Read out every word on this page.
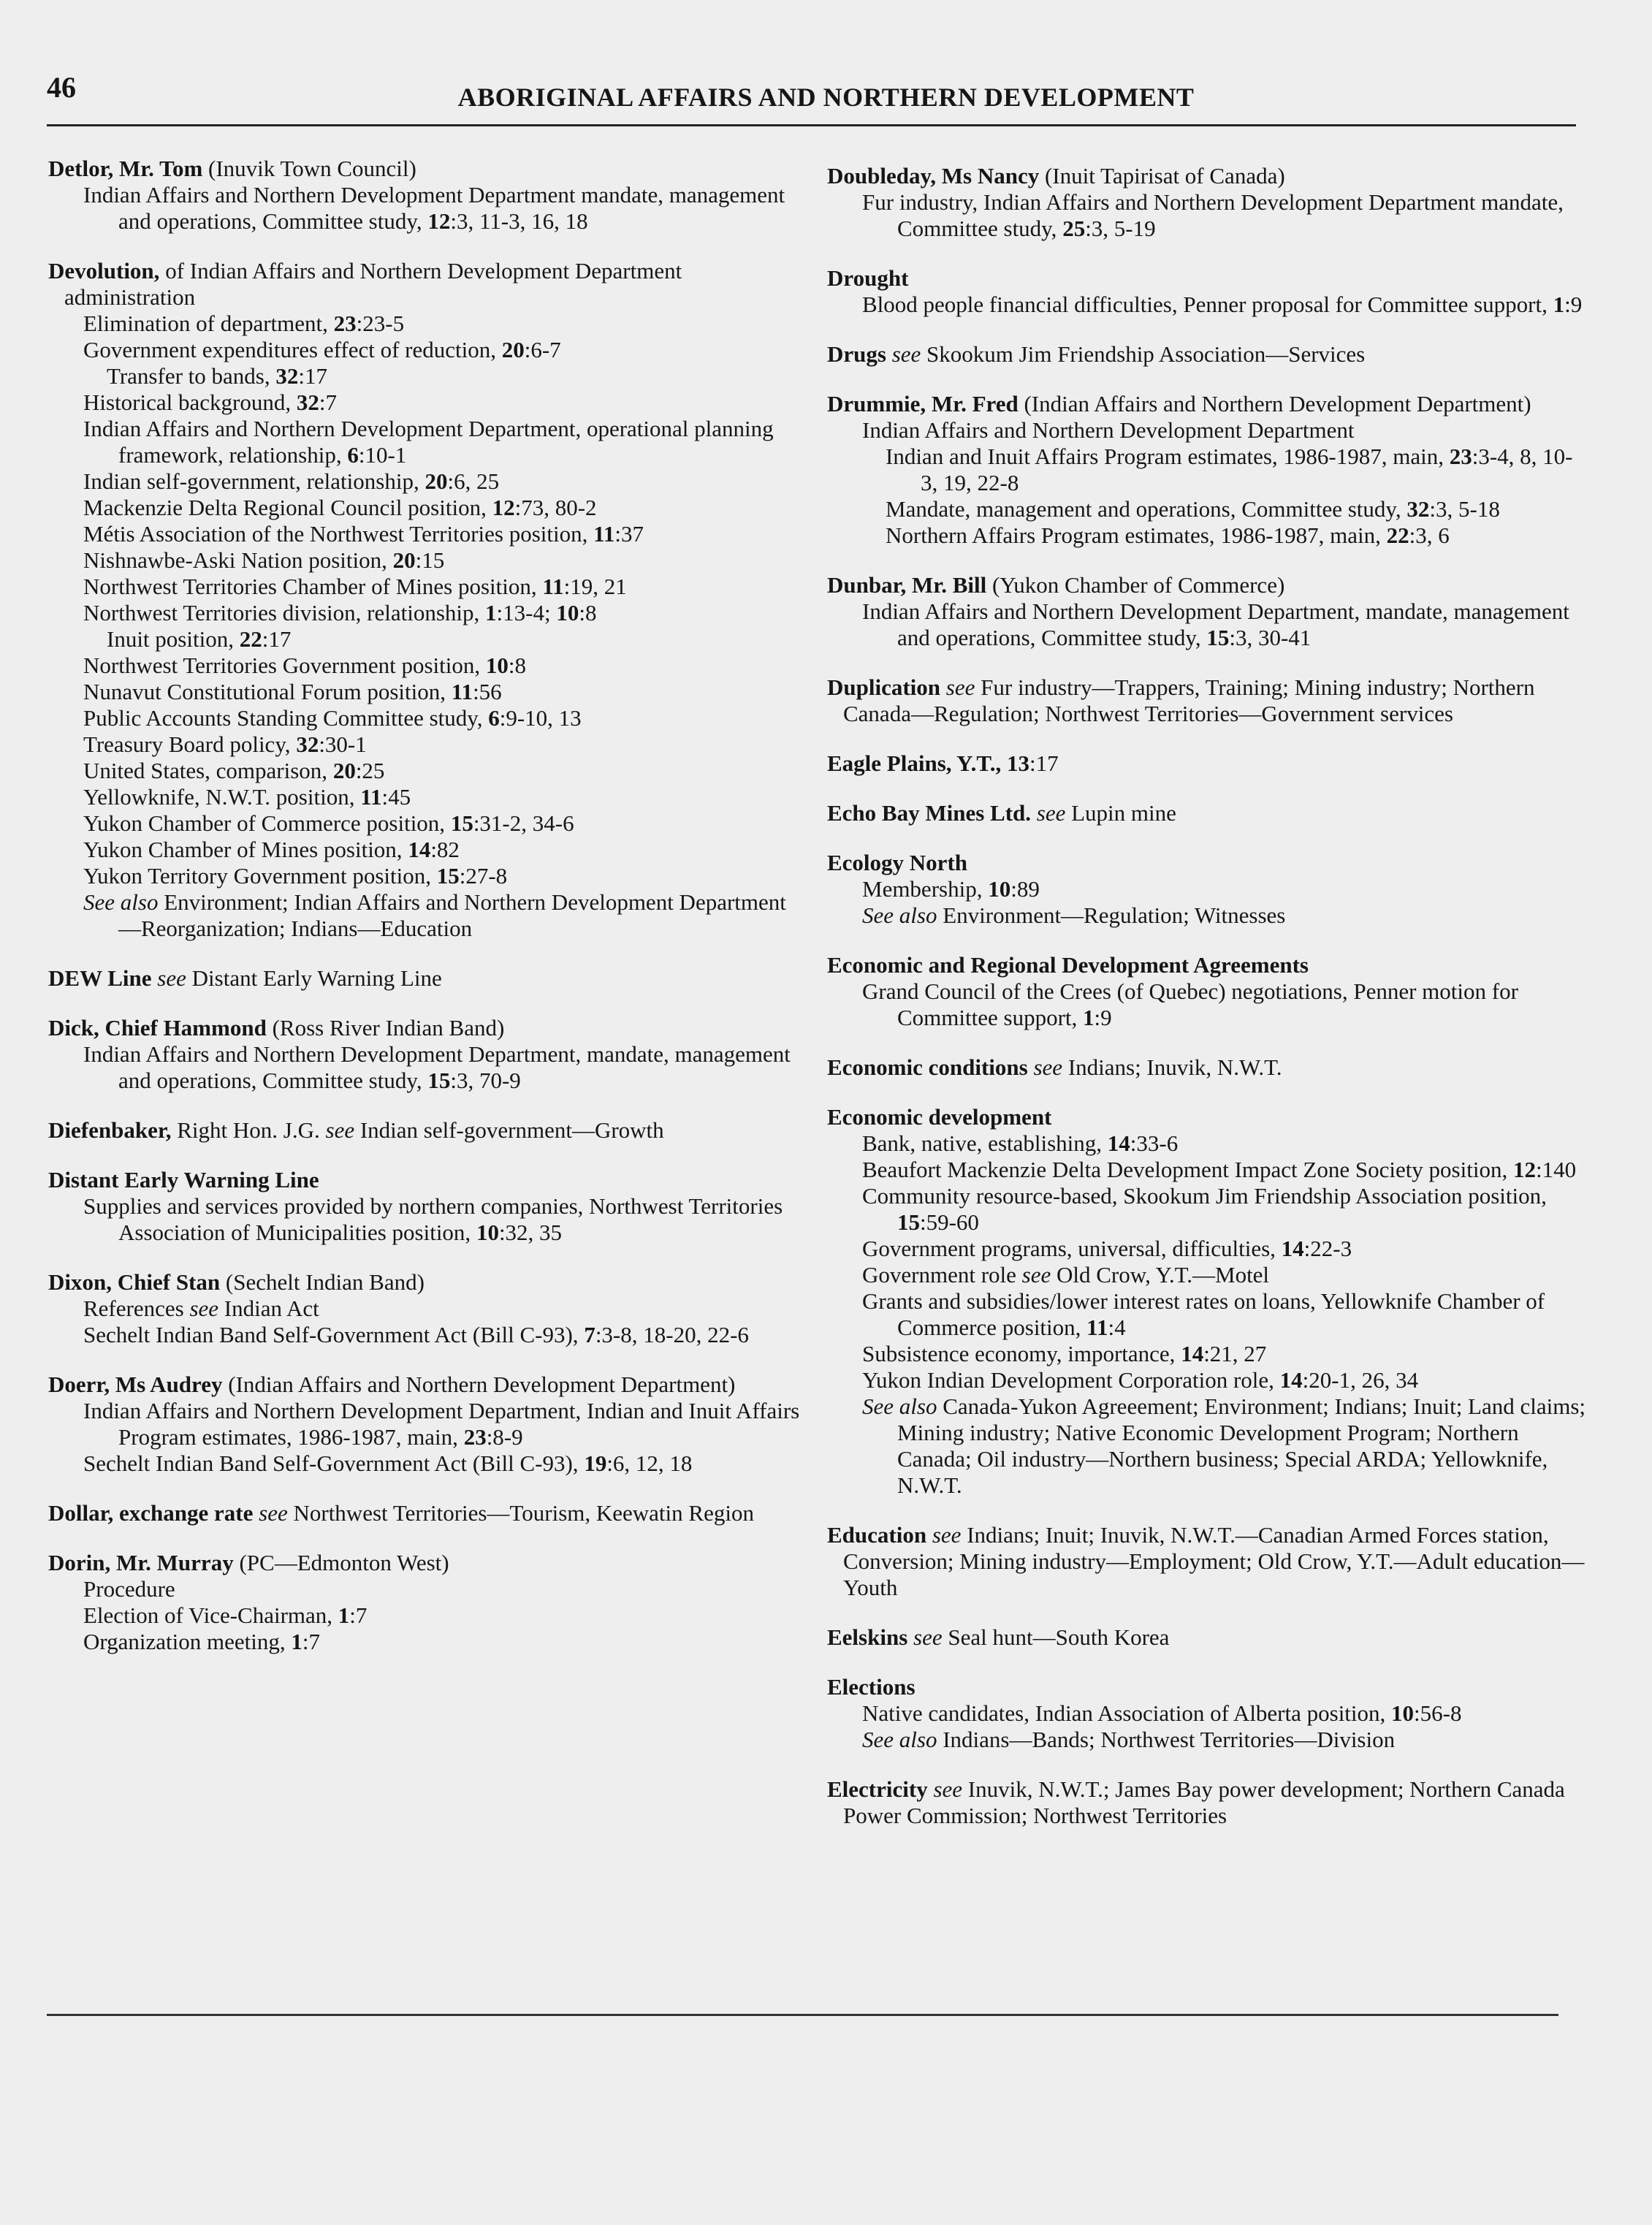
46	ABORIGINAL AFFAIRS AND NORTHERN DEVELOPMENT
Detlor, Mr. Tom (Inuvik Town Council)
Indian Affairs and Northern Development Department mandate, management and operations, Committee study, 12:3, 11-3, 16, 18
Devolution, of Indian Affairs and Northern Development Department administration
Elimination of department, 23:23-5
Government expenditures effect of reduction, 20:6-7
Transfer to bands, 32:17
Historical background, 32:7
Indian Affairs and Northern Development Department, operational planning framework, relationship, 6:10-1
Indian self-government, relationship, 20:6, 25
Mackenzie Delta Regional Council position, 12:73, 80-2
Métis Association of the Northwest Territories position, 11:37
Nishnawbe-Aski Nation position, 20:15
Northwest Territories Chamber of Mines position, 11:19, 21
Northwest Territories division, relationship, 1:13-4; 10:8
Inuit position, 22:17
Northwest Territories Government position, 10:8
Nunavut Constitutional Forum position, 11:56
Public Accounts Standing Committee study, 6:9-10, 13
Treasury Board policy, 32:30-1
United States, comparison, 20:25
Yellowknife, N.W.T. position, 11:45
Yukon Chamber of Commerce position, 15:31-2, 34-6
Yukon Chamber of Mines position, 14:82
Yukon Territory Government position, 15:27-8
See also Environment; Indian Affairs and Northern Development Department—Reorganization; Indians—Education
DEW Line see Distant Early Warning Line
Dick, Chief Hammond (Ross River Indian Band)
Indian Affairs and Northern Development Department, mandate, management and operations, Committee study, 15:3, 70-9
Diefenbaker, Right Hon. J.G. see Indian self-government—Growth
Distant Early Warning Line
Supplies and services provided by northern companies, Northwest Territories Association of Municipalities position, 10:32, 35
Dixon, Chief Stan (Sechelt Indian Band)
References see Indian Act
Sechelt Indian Band Self-Government Act (Bill C-93), 7:3-8, 18-20, 22-6
Doerr, Ms Audrey (Indian Affairs and Northern Development Department)
Indian Affairs and Northern Development Department, Indian and Inuit Affairs Program estimates, 1986-1987, main, 23:8-9
Sechelt Indian Band Self-Government Act (Bill C-93), 19:6, 12, 18
Dollar, exchange rate see Northwest Territories—Tourism, Keewatin Region
Dorin, Mr. Murray (PC—Edmonton West)
Procedure
Election of Vice-Chairman, 1:7
Organization meeting, 1:7
Doubleday, Ms Nancy (Inuit Tapirisat of Canada)
Fur industry, Indian Affairs and Northern Development Department mandate, Committee study, 25:3, 5-19
Drought
Blood people financial difficulties, Penner proposal for Committee support, 1:9
Drugs see Skookum Jim Friendship Association—Services
Drummie, Mr. Fred (Indian Affairs and Northern Development Department)
Indian Affairs and Northern Development Department
Indian and Inuit Affairs Program estimates, 1986-1987, main, 23:3-4, 8, 10-3, 19, 22-8
Mandate, management and operations, Committee study, 32:3, 5-18
Northern Affairs Program estimates, 1986-1987, main, 22:3, 6
Dunbar, Mr. Bill (Yukon Chamber of Commerce)
Indian Affairs and Northern Development Department, mandate, management and operations, Committee study, 15:3, 30-41
Duplication see Fur industry—Trappers, Training; Mining industry; Northern Canada—Regulation; Northwest Territories—Government services
Eagle Plains, Y.T., 13:17
Echo Bay Mines Ltd. see Lupin mine
Ecology North
Membership, 10:89
See also Environment—Regulation; Witnesses
Economic and Regional Development Agreements
Grand Council of the Crees (of Quebec) negotiations, Penner motion for Committee support, 1:9
Economic conditions see Indians; Inuvik, N.W.T.
Economic development
Bank, native, establishing, 14:33-6
Beaufort Mackenzie Delta Development Impact Zone Society position, 12:140
Community resource-based, Skookum Jim Friendship Association position, 15:59-60
Government programs, universal, difficulties, 14:22-3
Government role see Old Crow, Y.T.—Motel
Grants and subsidies/lower interest rates on loans, Yellowknife Chamber of Commerce position, 11:4
Subsistence economy, importance, 14:21, 27
Yukon Indian Development Corporation role, 14:20-1, 26, 34
See also Canada-Yukon Agreeement; Environment; Indians; Inuit; Land claims; Mining industry; Native Economic Development Program; Northern Canada; Oil industry—Northern business; Special ARDA; Yellowknife, N.W.T.
Education see Indians; Inuit; Inuvik, N.W.T.—Canadian Armed Forces station, Conversion; Mining industry—Employment; Old Crow, Y.T.—Adult education—Youth
Eelskins see Seal hunt—South Korea
Elections
Native candidates, Indian Association of Alberta position, 10:56-8
See also Indians—Bands; Northwest Territories—Division
Electricity see Inuvik, N.W.T.; James Bay power development; Northern Canada Power Commission; Northwest Territories
